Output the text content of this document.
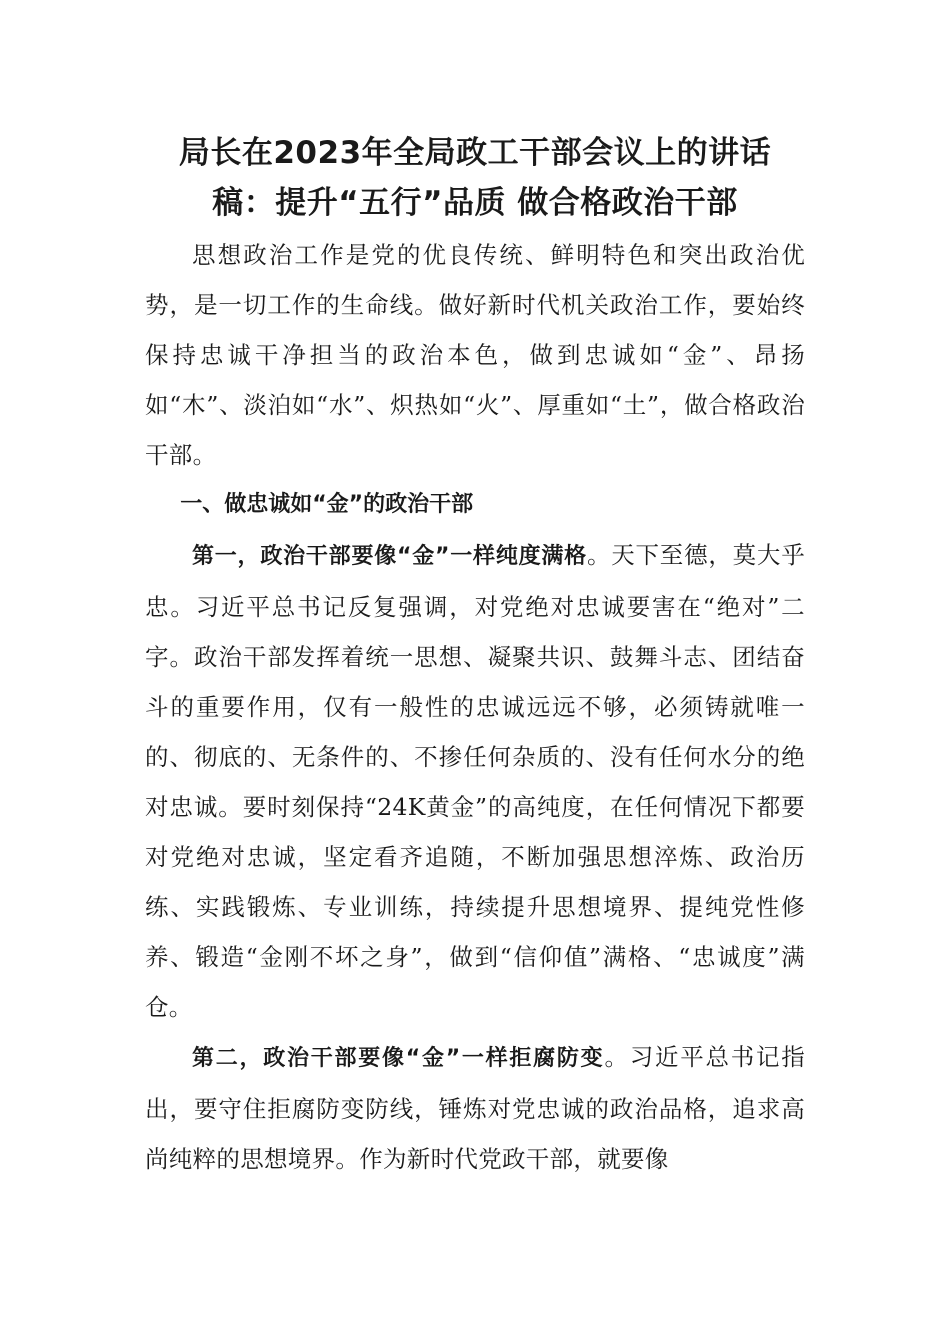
局长在2023年全局政工干部会议上的讲话
稿：提升“五行”品质 做合格政治干部

思想政治工作是党的优良传统、鲜明特色和突出政治优势，是一切工作的生命线。做好新时代机关政治工作，要始终保持忠诚干净担当的政治本色，做到忠诚如“金”、昂扬如“木”、淡泊如“水”、炽热如“火”、厚重如“土”，做合格政治干部。

一、做忠诚如“金”的政治干部

第一，政治干部要像“金”一样纯度满格。天下至德，莫大乎忠。习近平总书记反复强调，对党绝对忠诚要害在“绝对”二字。政治干部发挥着统一思想、凝聚共识、鼓舞斗志、团结奋斗的重要作用，仅有一般性的忠诚远远不够，必须铸就唯一的、彻底的、无条件的、不掺任何杂质的、没有任何水分的绝对忠诚。要时刻保持“24K黄金”的高纯度，在任何情况下都要对党绝对忠诚，坚定看齐追随，不断加强思想淬炼、政治历练、实践锻炼、专业训练，持续提升思想境界、提纯党性修养、锻造“金刚不坏之身”，做到“信仰值”满格、“忠诚度”满仓。

第二，政治干部要像“金”一样拒腐防变。习近平总书记指出，要守住拒腐防变防线，锤炼对党忠诚的政治品格，追求高尚纯粹的思想境界。作为新时代党政干部，就要像
